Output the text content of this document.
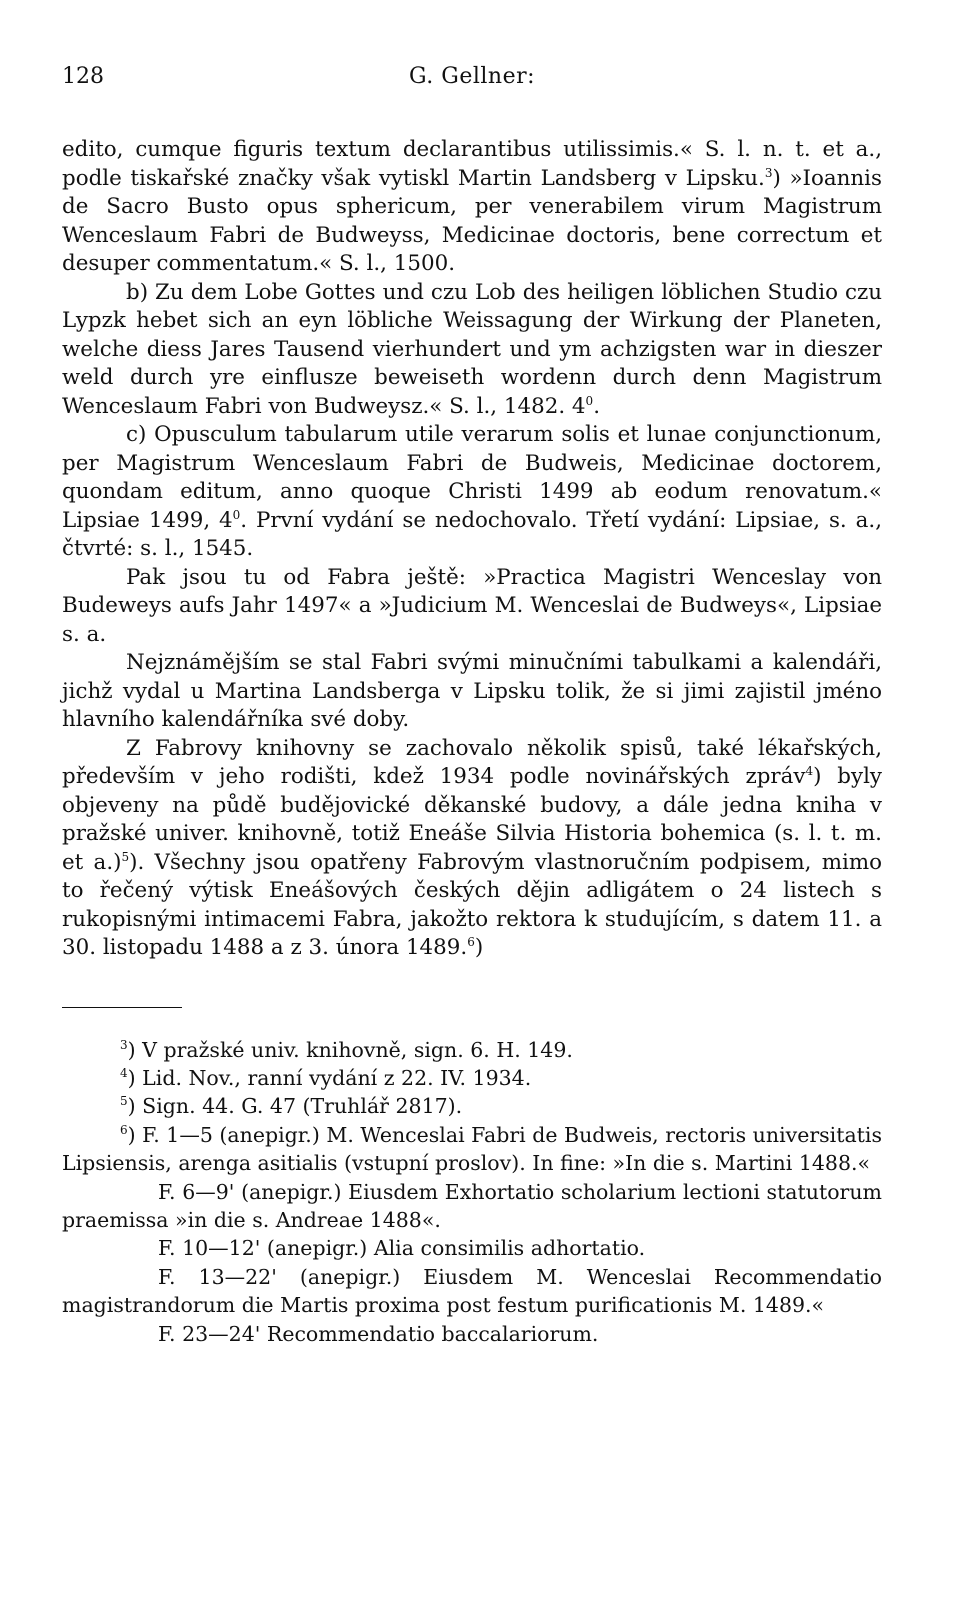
128	G. Gellner:

edito, cumque figuris textum declarantibus utilissimis.« S. l. n. t. et a., podle tiskařské značky však vytiskl Martin Landsberg v Lipsku.$^3$) »Ioannis de Sacro Busto opus sphericum, per venerabilem virum Magistrum Wenceslaum Fabri de Budweyss, Medicinae doctoris, bene correctum et desuper commentatum.« S. l., 1500.

b) Zu dem Lobe Gottes und czu Lob des heiligen löblichen Studio czu Lypzk hebet sich an eyn löbliche Weissagung der Wirkung der Planeten, welche diess Jares Tausend vierhundert und ym achzigsten war in dieszer weld durch yre einflusze beweiseth wordenn durch denn Magistrum Wenceslaum Fabri von Budweysz.« S. l., 1482. $4^0$.

c) Opusculum tabularum utile verarum solis et lunae conjunctionum, per Magistrum Wenceslaum Fabri de Budweis, Medicinae doctorem, quondam editum, anno quoque Christi 1499 ab eodum renovatum.« Lipsiae 1499, $4^0$. První vydání se nedochovalo. Třetí vydání: Lipsiae, s. a., čtvrté: s. l., 1545.

Pak jsou tu od Fabra ještě: »Practica Magistri Wenceslay von Budeweys aufs Jahr 1497« a »Judicium M. Wenceslai de Budweys«, Lipsiae s. a.

Nejznámějším se stal Fabri svými minučními tabulkami a kalendáři, jichž vydal u Martina Landsberga v Lipsku tolik, že si jimi zajistil jméno hlavního kalendářníka své doby.

Z Fabrovy knihovny se zachovalo několik spisů, také lékařských, především v jeho rodišti, kdež 1934 podle novinářských zpráv$^4$) byly objeveny na půdě budějovické děkanské budovy, a dále jedna kniha v pražské univer. knihovně, totiž Eneáše Silvia Historia bohemica (s. l. t. m. et a.)$^5$). Všechny jsou opatřeny Fabrovým vlastnoručním podpisem, mimo to řečený výtisk Eneášových českých dějin adligátem o 24 listech s rukopisnými intimacemi Fabra, jakožto rektora k studujícím, s datem 11. a 30. listopadu 1488 a z 3. února 1489.$^6$)

$^3$) V pražské univ. knihovně, sign. 6. H. 149.

$^4$) Lid. Nov., ranní vydání z 22. IV. 1934.

$^5$) Sign. 44. G. 47 (Truhlář 2817).

$^6$) F. 1—5 (anepigr.) M. Wenceslai Fabri de Budweis, rectoris universitatis Lipsiensis, arenga asitialis (vstupní proslov). In fine: »In die s. Martini 1488.«

F. 6—9' (anepigr.) Eiusdem Exhortatio scholarium lectioni statutorum praemissa »in die s. Andreae 1488«.

F. 10—12' (anepigr.) Alia consimilis adhortatio.

F. 13—22' (anepigr.) Eiusdem M. Wenceslai Recommendatio magistrandorum die Martis proxima post festum purificationis M. 1489.«

F. 23—24' Recommendatio baccalariorum.
